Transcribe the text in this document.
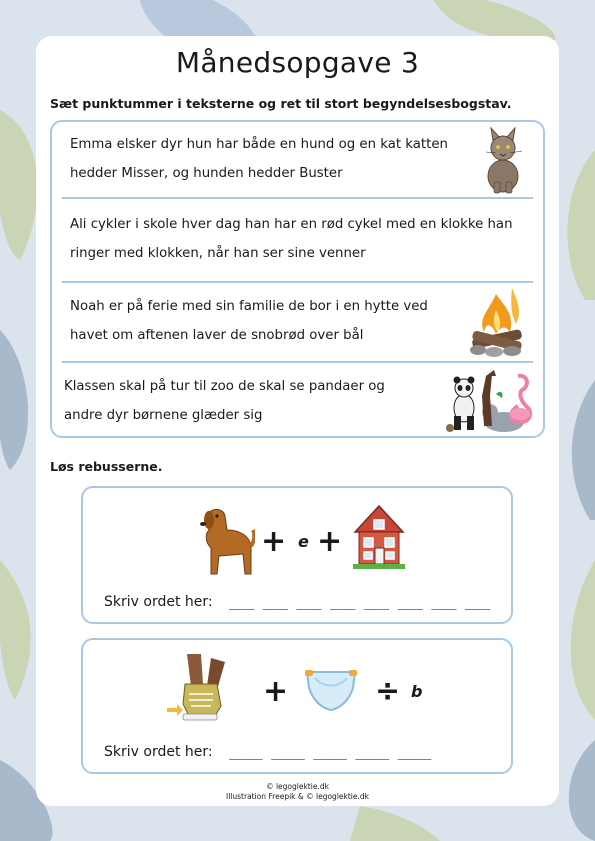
Månedsopgave 3
Sæt punktummer i teksterne og ret til stort begyndelsesbogstav.
Emma elsker dyr hun har både en hund og en kat katten
hedder Misser, og hunden hedder Buster
Ali cykler i skole hver dag han har en rød cykel med en klokke han
ringer med klokken, når han ser sine venner
Noah er på ferie med sin familie de bor i en hytte ved
havet om aftenen laver de snobrød over bål
Klassen skal på tur til zoo de skal se pandaer og
andre dyr børnene glæder sig
Løs rebusserne.
+ e +
Skriv ordet her: ___ ___ ___ ___ ___ ___ ___ ___
+	÷ b
Skriv ordet her: ____ ____ ____ ____ ____
© legoglektie.dk
Illustration Freepik & © legoglektie.dk
